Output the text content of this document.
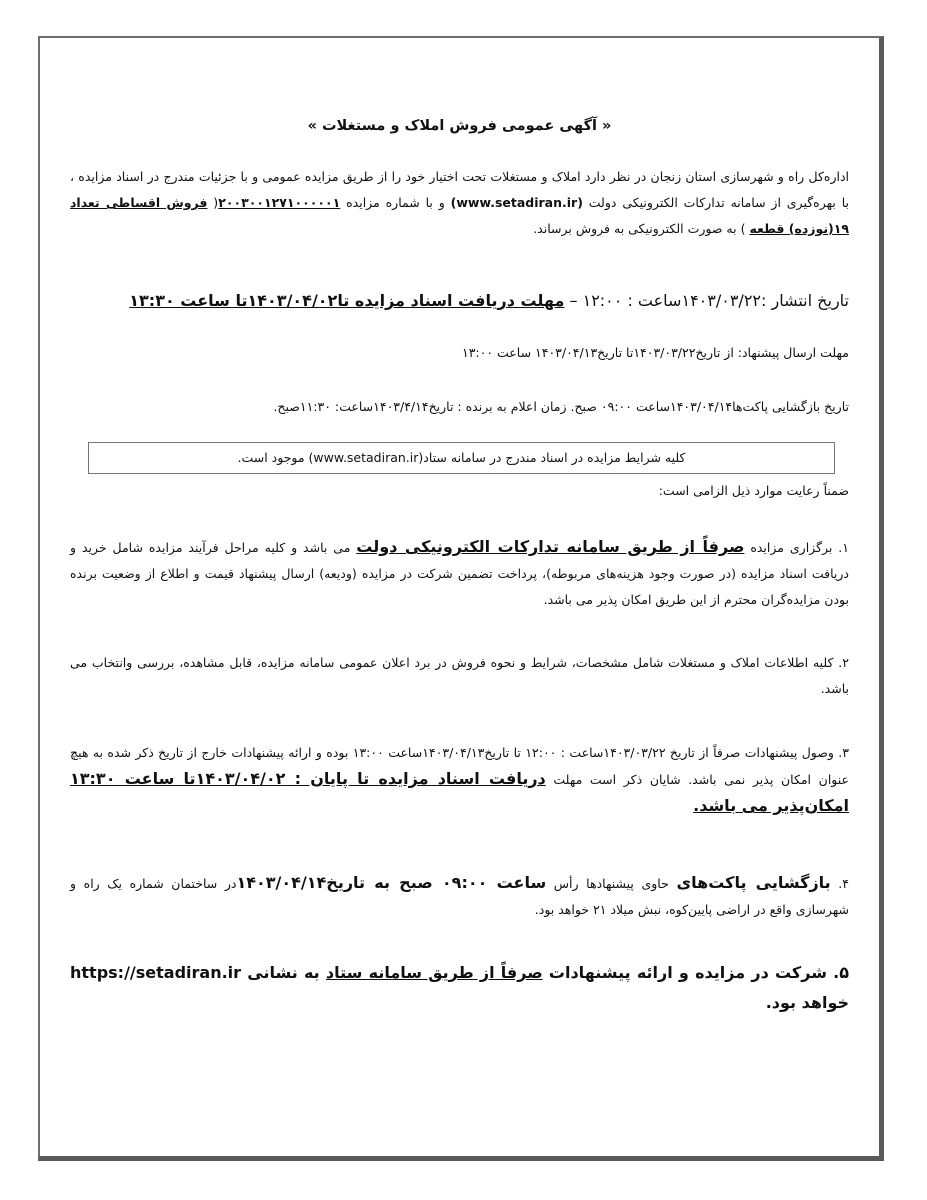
« آگهی عمومی فروش املاک و مستغلات »
اداره‌کل راه و شهرسازی استان زنجان در نظر دارد املاک و مستغلات تحت اختیار خود را از طریق مزایده عمومی و با جزئیات مندرج در اسناد مزایده ، با بهره‌گیری از سامانه تدارکات الکترونیکی دولت (www.setadiran.ir) و با شماره مزایده ۲۰۰۳۰۰۱۲۷۱۰۰۰۰۰۱( فروش اقساطی تعداد ۱۹(نوزده) قطعه ) به صورت الکترونیکی به فروش برساند.
تاریخ انتشار :۱۴۰۳/۰۳/۲۲ساعت : ۱۲:۰۰ – مهلت دریافت اسناد مزایده تا۱۴۰۳/۰۴/۰۲تا ساعت ۱۳:۳۰
مهلت ارسال پیشنهاد: از تاریخ۱۴۰۳/۰۳/۲۲تا تاریخ۱۴۰۳/۰۴/۱۳ ساعت ۱۳:۰۰
تاریخ بازگشایی پاکت‌ها۱۴۰۳/۰۴/۱۴ساعت ۰۹:۰۰ صبح. زمان اعلام به برنده : تاریخ۱۴۰۳/۴/۱۴ساعت: ۱۱:۳۰صبح.
کلیه شرایط مزایده در اسناد مندرج در سامانه ستاد(www.setadiran.ir) موجود است.
ضمناً رعایت موارد ذیل الزامی است:
۱. برگزاری مزایده صرفاً از طریق سامانه تدارکات الکترونیکی دولت می باشد و کلیه مراحل فرآیند مزایده شامل خرید و دریافت اسناد مزایده (در صورت وجود هزینه‌های مربوطه)، پرداخت تضمین شرکت در مزایده (ودیعه) ارسال پیشنهاد قیمت و اطلاع از وضعیت برنده بودن مزایده‌گران محترم از این طریق امکان پذیر می باشد.
۲. کلیه اطلاعات املاک و مستغلات شامل مشخصات، شرایط و نحوه فروش در برد اعلان عمومی سامانه مزایده، قابل مشاهده، بررسی وانتخاب می باشد.
۳. وصول پیشنهادات صرفاً از تاریخ ۱۴۰۳/۰۳/۲۲ساعت : ۱۲:۰۰ تا تاریخ۱۴۰۳/۰۴/۱۳ساعت ۱۳:۰۰ بوده و ارائه پیشنهادات خارج از تاریخ ذکر شده به هیچ عنوان امکان پذیر نمی باشد. شایان ذکر است مهلت دریافت اسناد مزایده تا پایان : ۱۴۰۳/۰۴/۰۲تا ساعت ۱۳:۳۰ امکان‌پذیر می باشد.
۴. بازگشایی پاکت‌های حاوی پیشنهادها رأس ساعت ۰۹:۰۰ صبح به تاریخ۱۴۰۳/۰۴/۱۴در ساختمان شماره یک راه و شهرسازی واقع در اراضی پایین‌کوه، نبش میلاد ۲۱ خواهد بود.
۵. شرکت در مزایده و ارائه پیشنهادات صرفاً از طریق سامانه ستاد به نشانی https://setadiran.ir خواهد بود.
